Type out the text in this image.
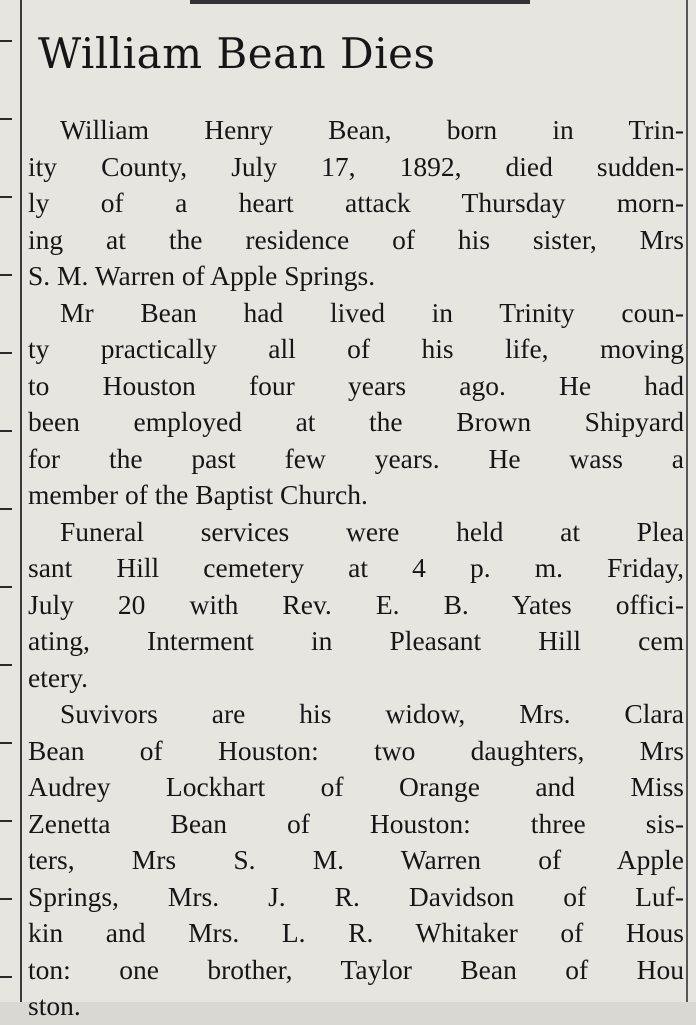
William Bean Dies
William Henry Bean, born in Trin-
ity County, July 17, 1892, died sudden-
ly of a heart attack Thursday morn-
ing at the residence of his sister, Mrs
S. M. Warren of Apple Springs.
Mr Bean had lived in Trinity coun-
ty practically all of his life, moving
to Houston four years ago. He had
been employed at the Brown Shipyard
for the past few years. He wass a
member of the Baptist Church.
Funeral services were held at Plea
sant Hill cemetery at 4 p. m. Friday,
July 20 with Rev. E. B. Yates offici-
ating, Interment in Pleasant Hill cem
etery.
Suvivors are his widow, Mrs. Clara
Bean of Houston: two daughters, Mrs
Audrey Lockhart of Orange and Miss
Zenetta Bean of Houston: three sis-
ters, Mrs S. M. Warren of Apple
Springs, Mrs. J. R. Davidson of Luf-
kin and Mrs. L. R. Whitaker of Hous
ton: one brother, Taylor Bean of Hou
ston.
